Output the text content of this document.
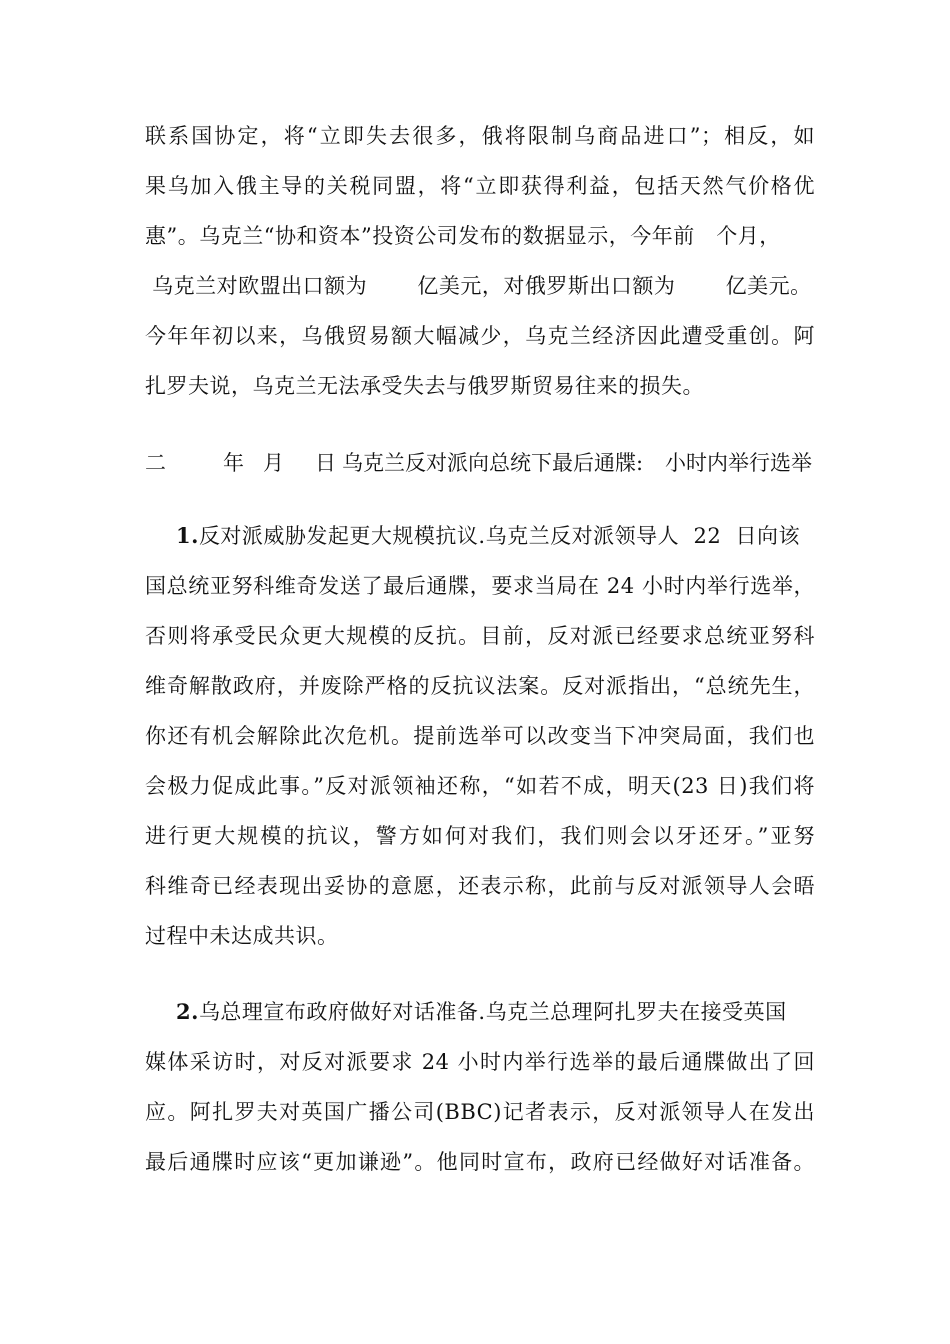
联系国协定，将“立即失去很多，俄将限制乌商品进口”；相反，如
果乌加入俄主导的关税同盟，将“立即获得利益，包括天然气价格优
惠”。乌克兰“协和资本”投资公司发布的数据显示，今年前   个月，
乌克兰对欧盟出口额为       亿美元，对俄罗斯出口额为       亿美元。
今年年初以来，乌俄贸易额大幅减少，乌克兰经济因此遭受重创。阿
扎罗夫说，乌克兰无法承受失去与俄罗斯贸易往来的损失。
二	年 月 日 乌克兰反对派向总统下最后通牒: 小时内举行选举
1.反对派威胁发起更大规模抗议.乌克兰反对派领导人  22  日向该
国总统亚努科维奇发送了最后通牒，要求当局在 24 小时内举行选举，
否则将承受民众更大规模的反抗。目前，反对派已经要求总统亚努科
维奇解散政府，并废除严格的反抗议法案。反对派指出，“总统先生，
你还有机会解除此次危机。提前选举可以改变当下冲突局面，我们也
会极力促成此事。”反对派领袖还称，“如若不成，明天(23 日)我们将
进行更大规模的抗议，警方如何对我们，我们则会以牙还牙。”亚努
科维奇已经表现出妥协的意愿，还表示称，此前与反对派领导人会晤
过程中未达成共识。
2.乌总理宣布政府做好对话准备.乌克兰总理阿扎罗夫在接受英国
媒体采访时，对反对派要求 24 小时内举行选举的最后通牒做出了回
应。阿扎罗夫对英国广播公司(BBC)记者表示，反对派领导人在发出
最后通牒时应该“更加谦逊”。他同时宣布，政府已经做好对话准备。
